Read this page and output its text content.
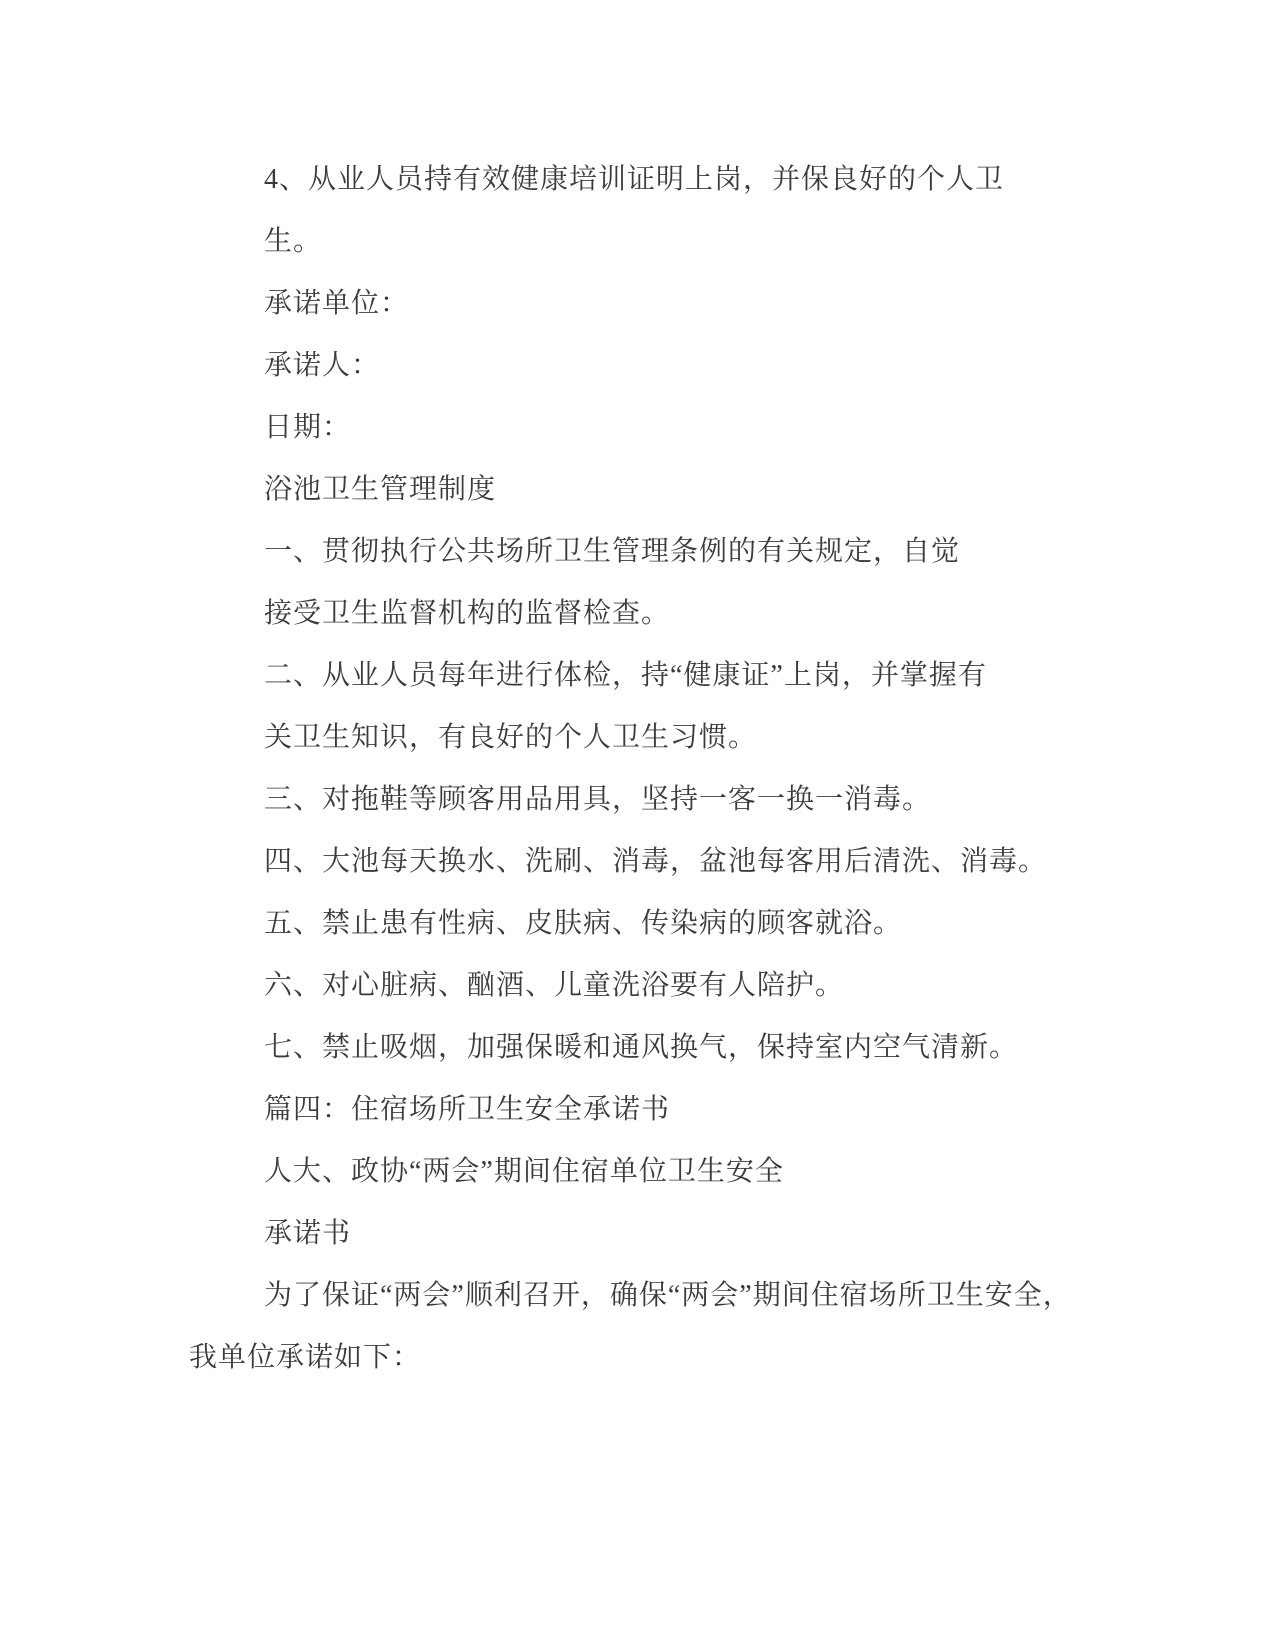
4、从业人员持有效健康培训证明上岗，并保良好的个人卫
生。
承诺单位：
承诺人：
日期：
浴池卫生管理制度
一、贯彻执行公共场所卫生管理条例的有关规定，自觉
接受卫生监督机构的监督检查。
二、从业人员每年进行体检，持“健康证”上岗，并掌握有
关卫生知识，有良好的个人卫生习惯。
三、对拖鞋等顾客用品用具，坚持一客一换一消毒。
四、大池每天换水、洗刷、消毒，盆池每客用后清洗、消毒。
五、禁止患有性病、皮肤病、传染病的顾客就浴。
六、对心脏病、酗酒、儿童洗浴要有人陪护。
七、禁止吸烟，加强保暖和通风换气，保持室内空气清新。
篇四：住宿场所卫生安全承诺书
人大、政协“两会”期间住宿单位卫生安全
承诺书
为了保证“两会”顺利召开，确保“两会”期间住宿场所卫生安全，
我单位承诺如下：
